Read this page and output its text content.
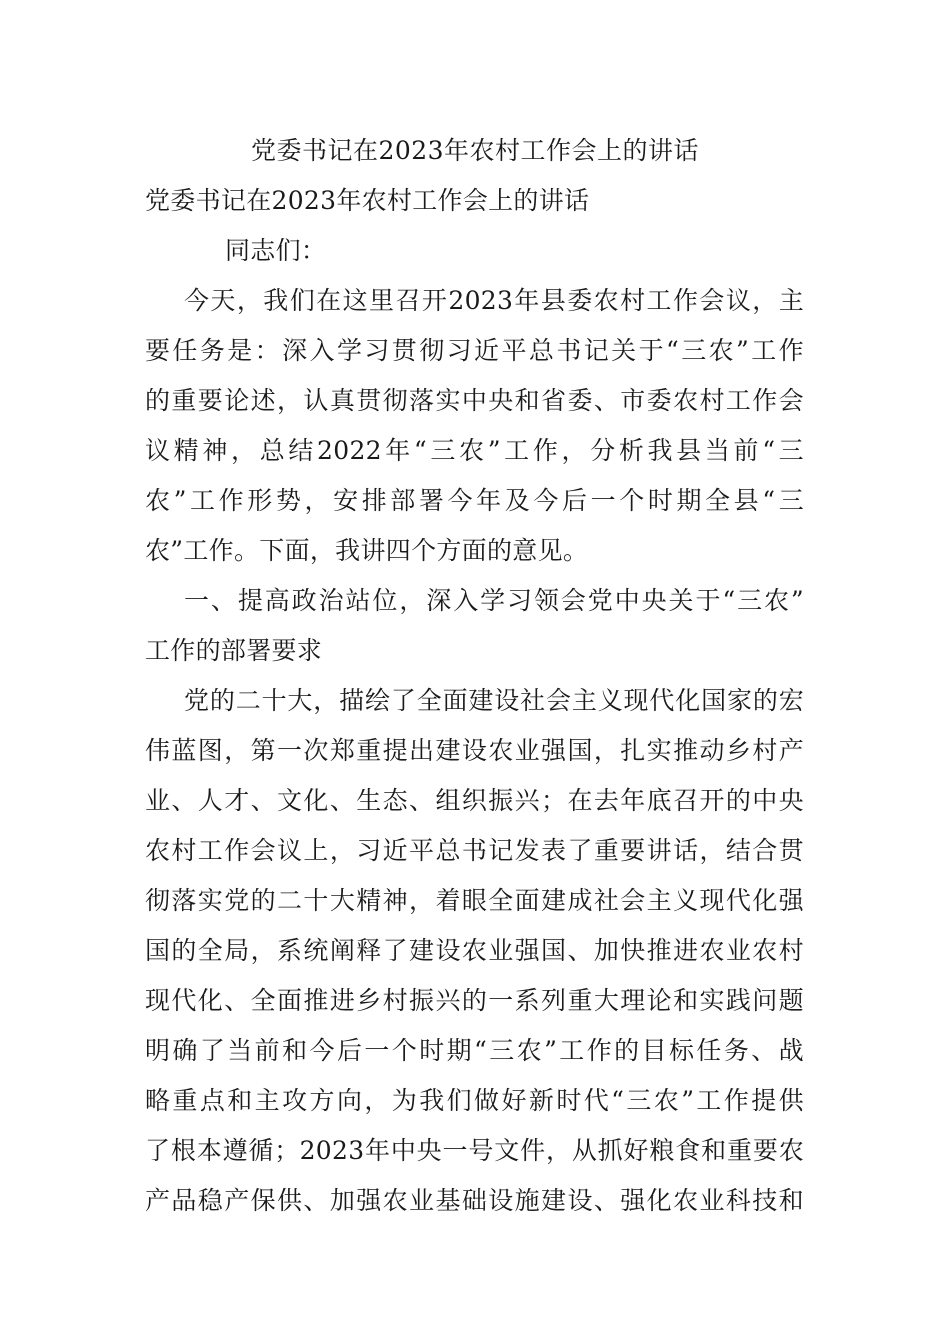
党委书记在2023年农村工作会上的讲话
党委书记在2023年农村工作会上的讲话
同志们：
今天，我们在这里召开2023年县委农村工作会议，主
要任务是：深入学习贯彻习近平总书记关于“三农”工作
的重要论述，认真贯彻落实中央和省委、市委农村工作会
议精神，总结2022年“三农”工作，分析我县当前“三
农”工作形势，安排部署今年及今后一个时期全县“三
农”工作。下面，我讲四个方面的意见。
一、提高政治站位，深入学习领会党中央关于“三农”
工作的部署要求
党的二十大，描绘了全面建设社会主义现代化国家的宏
伟蓝图，第一次郑重提出建设农业强国，扎实推动乡村产
业、人才、文化、生态、组织振兴；在去年底召开的中央
农村工作会议上，习近平总书记发表了重要讲话，结合贯
彻落实党的二十大精神，着眼全面建成社会主义现代化强
国的全局，系统阐释了建设农业强国、加快推进农业农村
现代化、全面推进乡村振兴的一系列重大理论和实践问题
明确了当前和今后一个时期“三农”工作的目标任务、战
略重点和主攻方向，为我们做好新时代“三农”工作提供
了根本遵循；2023年中央一号文件，从抓好粮食和重要农
产品稳产保供、加强农业基础设施建设、强化农业科技和
